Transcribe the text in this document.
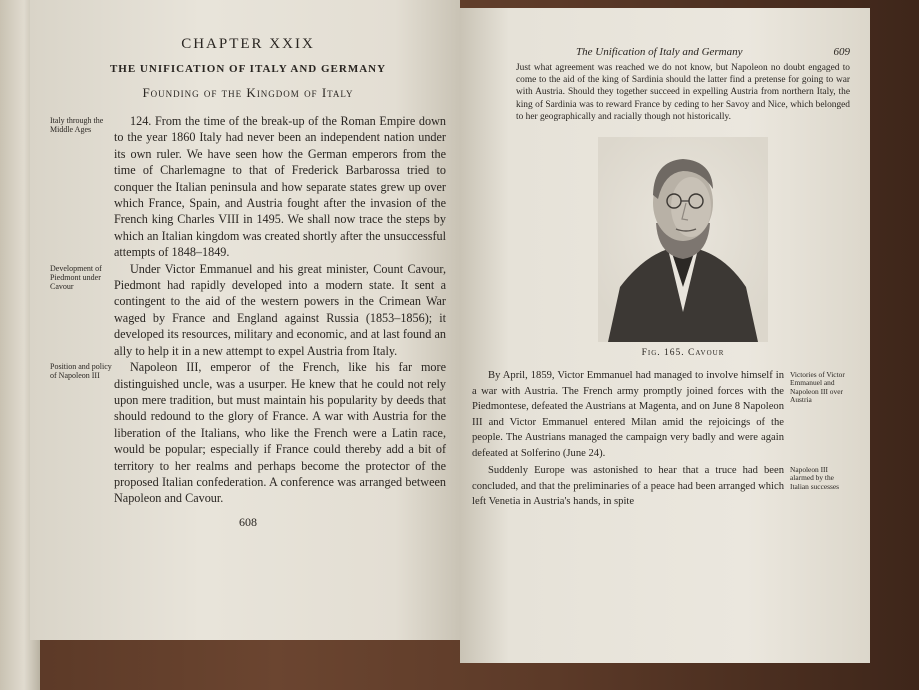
CHAPTER XXIX
THE UNIFICATION OF ITALY AND GERMANY
Founding of the Kingdom of Italy
Italy through the Middle Ages

124. From the time of the break-up of the Roman Empire down to the year 1860 Italy had never been an independent nation under its own ruler. We have seen how the German emperors from the time of Charlemagne to that of Frederick Barbarossa tried to conquer the Italian peninsula and how separate states grew up over which France, Spain, and Austria fought after the invasion of the French king Charles VIII in 1495. We shall now trace the steps by which an Italian kingdom was created shortly after the unsuccessful attempts of 1848–1849.

Development of Piedmont under Cavour

Under Victor Emmanuel and his great minister, Count Cavour, Piedmont had rapidly developed into a modern state. It sent a contingent to the aid of the western powers in the Crimean War waged by France and England against Russia (1853–1856); it developed its resources, military and economic, and at last found an ally to help it in a new attempt to expel Austria from Italy.

Position and policy of Napoleon III

Napoleon III, emperor of the French, like his far more distinguished uncle, was a usurper. He knew that he could not rely upon mere tradition, but must maintain his popularity by deeds that should redound to the glory of France. A war with Austria for the liberation of the Italians, who like the French were a Latin race, would be popular; especially if France could thereby add a bit of territory to her realms and perhaps become the protector of the proposed Italian confederation. A conference was arranged between Napoleon and Cavour.

608
The Unification of Italy and Germany	609

Just what agreement was reached we do not know, but Napoleon no doubt engaged to come to the aid of the king of Sardinia should the latter find a pretense for going to war with Austria. Should they together succeed in expelling Austria from northern Italy, the king of Sardinia was to reward France by ceding to her Savoy and Nice, which belonged to her geographically and racially though not historically.

Fig. 165. Cavour

By April, 1859, Victor Emmanuel had managed to involve himself in a war with Austria. The French army promptly joined forces with the Piedmontese, defeated the Austrians at Magenta, and on June 8 Napoleon III and Victor Emmanuel entered Milan amid the rejoicings of the people. The Austrians managed the campaign very badly and were again defeated at Solferino (June 24).

Victories of Victor Emmanuel and Napoleon III over Austria

Suddenly Europe was astonished to hear that a truce had been concluded, and that the preliminaries of a peace had been arranged which left Venetia in Austria's hands, in spite

Napoleon III alarmed by the Italian successes
